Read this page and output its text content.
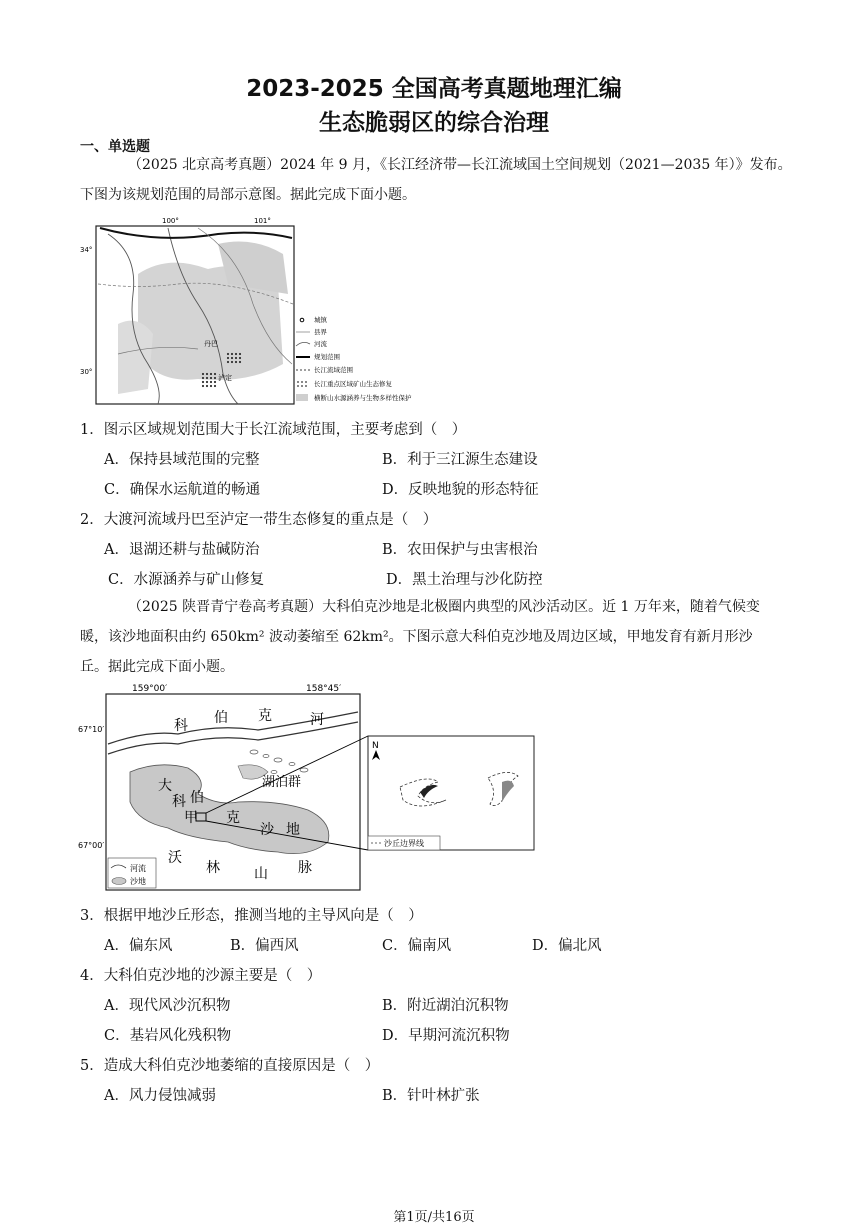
2023-2025 全国高考真题地理汇编
生态脆弱区的综合治理
一、单选题
（2025 北京高考真题）2024 年 9 月，《长江经济带—长江流域国土空间规划（2021—2035 年）》发布。
下图为该规划范围的局部示意图。据此完成下面小题。
100°	101°
34°
30°
丹巴
泸定
城镇
县界
河流
规划范围
长江流域范围
长江重点区域矿山生态修复
横断山水源涵养与生物多样性保护
1．图示区域规划范围大于长江流域范围，主要考虑到（　）
A．保持县域范围的完整	B．利于三江源生态建设
C．确保水运航道的畅通	D．反映地貌的形态特征
2．大渡河流域丹巴至泸定一带生态修复的重点是（　）
A．退湖还耕与盐碱防治	B．农田保护与虫害根治
C．水源涵养与矿山修复	D．黑土治理与沙化防控
（2025 陕晋青宁卷高考真题）大科伯克沙地是北极圈内典型的风沙活动区。近 1 万年来，随着气候变
暖，该沙地面积由约 650km² 波动萎缩至 62km²。下图示意大科伯克沙地及周边区域，甲地发育有新月形沙
丘。据此完成下面小题。
159°00′	158°45′
67°10′
67°00′
科 伯 克	河
湖泊群
大
科 伯
克
沙 地
甲
沃
林 山 脉
河流
沙地
N
沙丘边界线
3．根据甲地沙丘形态，推测当地的主导风向是（　）
A．偏东风	B．偏西风	C．偏南风	D．偏北风
4．大科伯克沙地的沙源主要是（　）
A．现代风沙沉积物	B．附近湖泊沉积物
C．基岩风化残积物	D．早期河流沉积物
5．造成大科伯克沙地萎缩的直接原因是（　）
A．风力侵蚀减弱	B．针叶林扩张
第1页/共16页
